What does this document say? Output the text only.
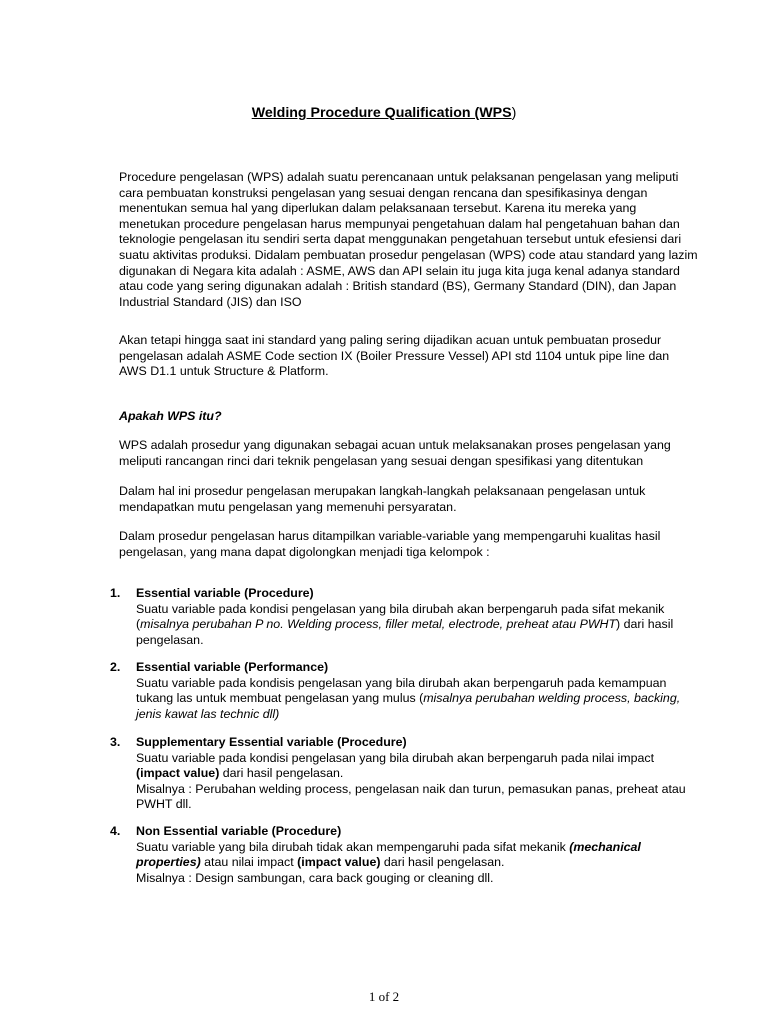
Welding Procedure Qualification (WPS)

Procedure pengelasan (WPS) adalah suatu perencanaan untuk pelaksanan pengelasan yang meliputi cara pembuatan konstruksi pengelasan yang sesuai dengan rencana dan spesifikasinya dengan menentukan semua hal yang diperlukan dalam pelaksanaan tersebut. Karena itu mereka yang menetukan procedure pengelasan harus mempunyai pengetahuan dalam hal pengetahuan bahan dan teknologie pengelasan itu sendiri serta dapat menggunakan pengetahuan tersebut untuk efesiensi dari suatu aktivitas produksi. Didalam pembuatan prosedur pengelasan (WPS) code atau standard yang lazim digunakan di Negara kita adalah : ASME, AWS dan API selain itu juga kita juga kenal adanya standard atau code yang sering digunakan adalah : British standard (BS), Germany Standard (DIN), dan Japan Industrial Standard (JIS) dan ISO

Akan tetapi hingga saat ini standard yang paling sering dijadikan acuan untuk pembuatan prosedur pengelasan adalah ASME Code section IX (Boiler Pressure Vessel) API std 1104 untuk pipe line dan AWS D1.1 untuk Structure & Platform.

Apakah WPS itu?

WPS adalah prosedur yang digunakan sebagai acuan untuk melaksanakan proses pengelasan yang meliputi rancangan rinci dari teknik pengelasan yang sesuai dengan spesifikasi yang ditentukan

Dalam hal ini prosedur pengelasan merupakan langkah-langkah pelaksanaan pengelasan untuk mendapatkan mutu pengelasan yang memenuhi persyaratan.

Dalam prosedur pengelasan harus ditampilkan variable-variable yang mempengaruhi kualitas hasil pengelasan, yang mana dapat digolongkan menjadi tiga kelompok :

1.	Essential variable (Procedure)
Suatu variable pada kondisi pengelasan yang bila dirubah akan berpengaruh pada sifat mekanik (misalnya perubahan P no. Welding process, filler metal, electrode, preheat atau PWHT) dari hasil pengelasan.
2.	Essential variable (Performance)
Suatu variable pada kondisis pengelasan yang bila dirubah akan berpengaruh pada kemampuan tukang las untuk membuat pengelasan yang mulus (misalnya perubahan welding process, backing, jenis kawat las technic dll)
3.	Supplementary Essential variable (Procedure)
Suatu variable pada kondisi pengelasan yang bila dirubah akan berpengaruh pada nilai impact (impact value) dari hasil pengelasan.
Misalnya : Perubahan welding process, pengelasan naik dan turun, pemasukan panas, preheat atau PWHT dll.
4.	Non Essential variable (Procedure)
Suatu variable yang bila dirubah tidak akan mempengaruhi pada sifat mekanik (mechanical properties) atau nilai impact (impact value) dari hasil pengelasan.
Misalnya : Design sambungan, cara back gouging or cleaning dll.
1 of 2
